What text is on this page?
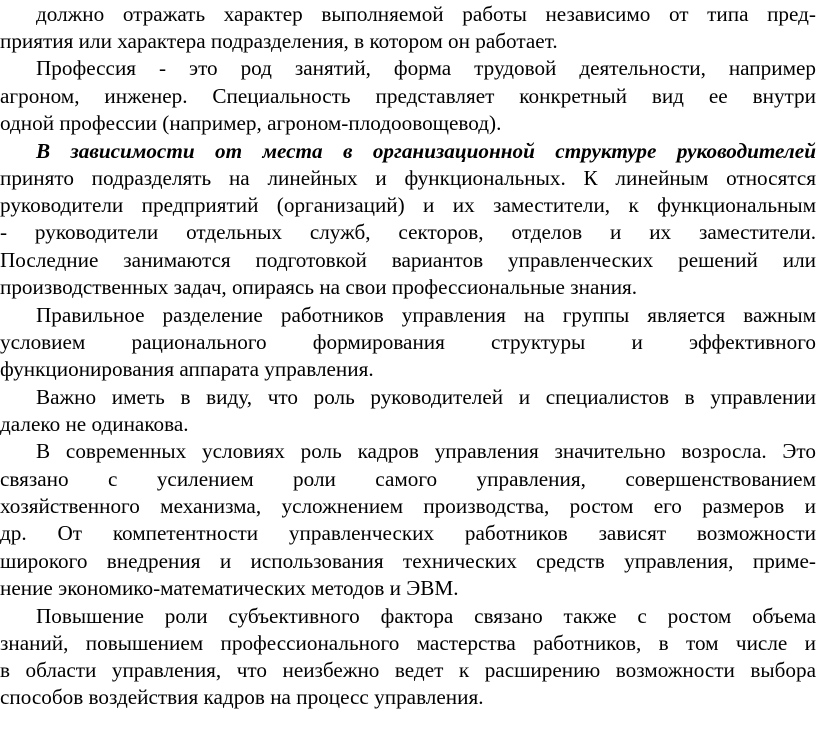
должно отражать характер выполняемой работы независимо от типа пред-
приятия или характера подразделения, в котором он работает.
Профессия - это род занятий, форма трудовой деятельности, например
агроном, инженер. Специальность представляет конкретный вид ее внутри
одной профессии (например, агроном-плодоовощевод).
В зависимости от места в организационной структуре руководителей
принято подразделять на линейных и функциональных. К линейным относятся
руководители предприятий (организаций) и их заместители, к функциональным
- руководители отдельных служб, секторов, отделов и их заместители.
Последние занимаются подготовкой вариантов управленческих решений или
производственных задач, опираясь на свои профессиональные знания.
Правильное разделение работников управления на группы является важным
условием рационального формирования структуры и эффективного
функционирования аппарата управления.
Важно иметь в виду, что роль руководителей и специалистов в управлении
далеко не одинакова.
В современных условиях роль кадров управления значительно возросла. Это
связано с усилением роли самого управления, совершенствованием
хозяйственного механизма, усложнением производства, ростом его размеров и
др. От компетентности управленческих работников зависят возможности
широкого внедрения и использования технических средств управления, приме-
нение экономико-математических методов и ЭВМ.
Повышение роли субъективного фактора связано также с ростом объема
знаний, повышением профессионального мастерства работников, в том числе и
в области управления, что неизбежно ведет к расширению возможности выбора
способов воздействия кадров на процесс управления.
